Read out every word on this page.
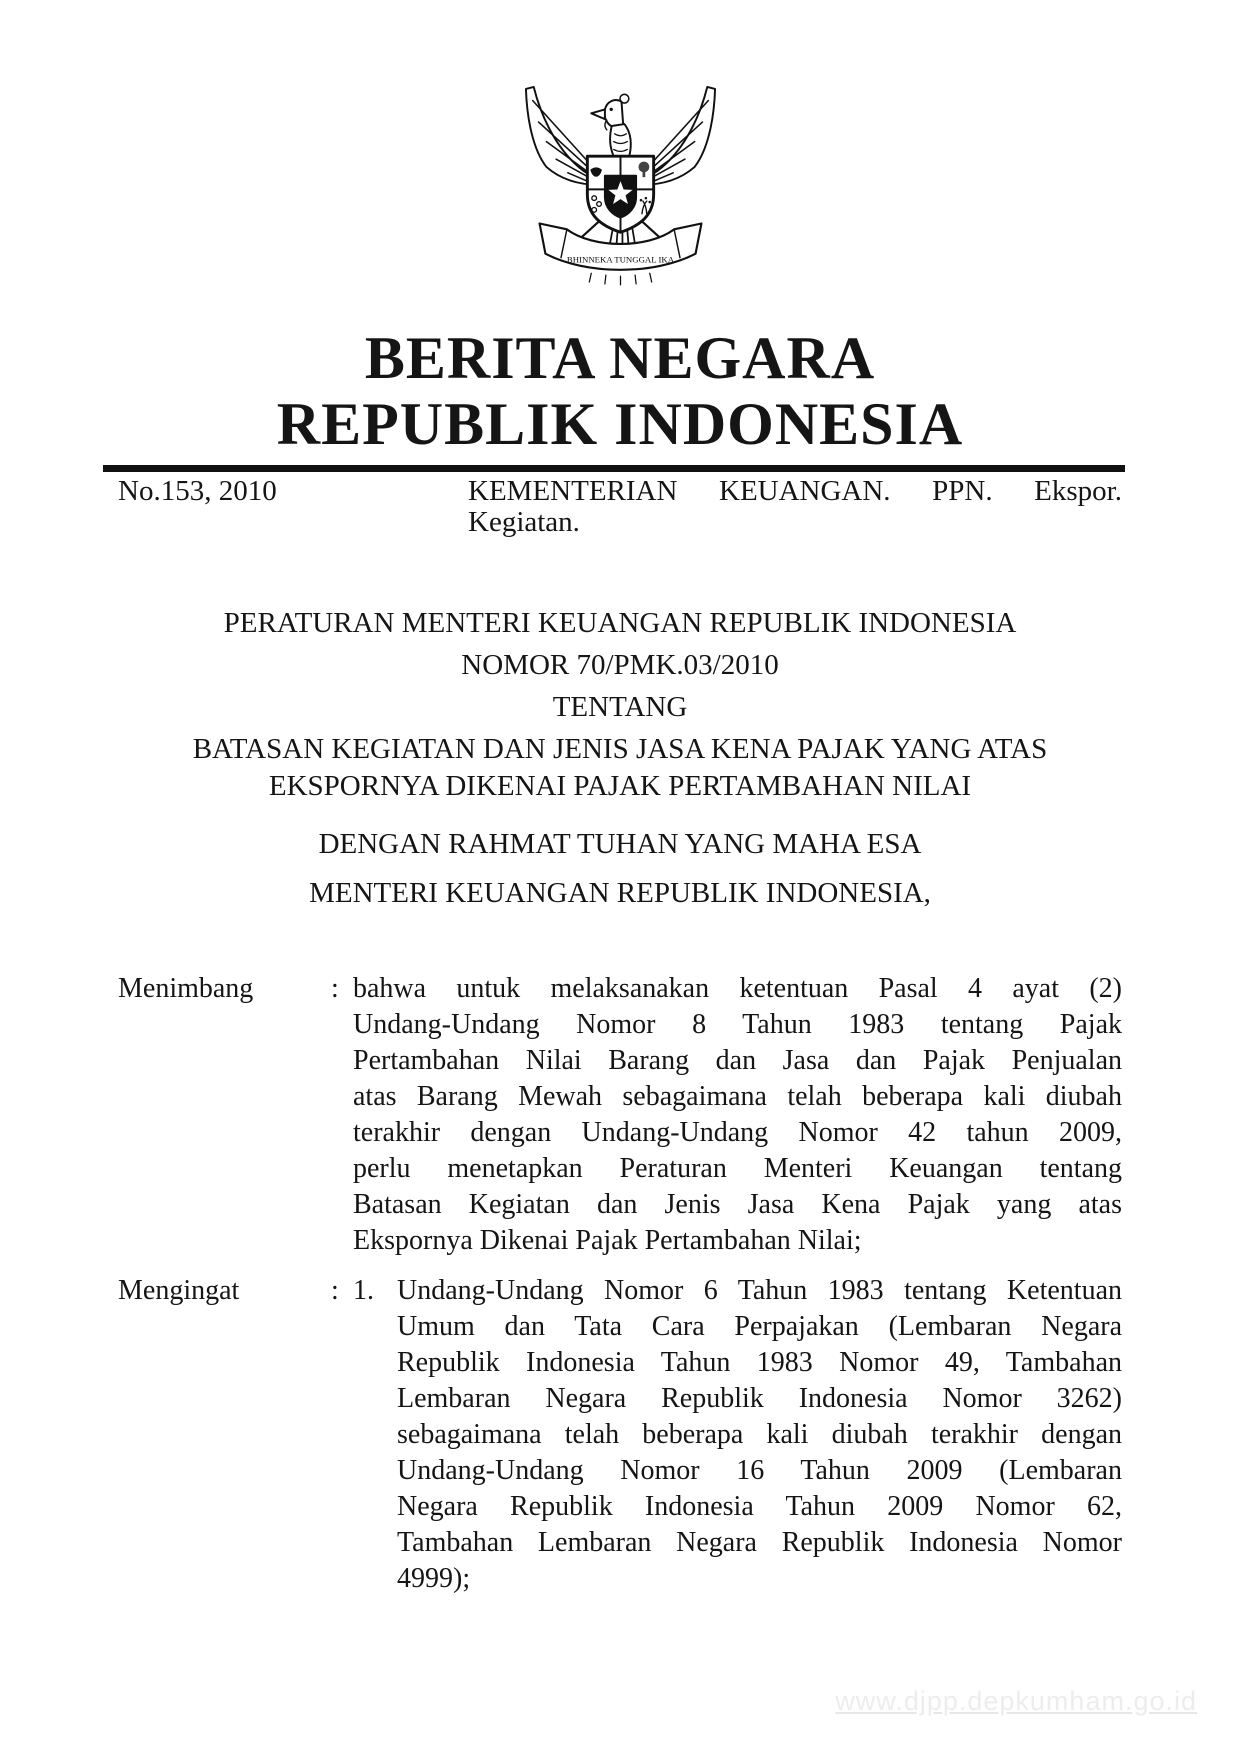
BHINNEKA TUNGGAL IKA
BERITA NEGARA
REPUBLIK INDONESIA
No.153, 2010	KEMENTERIAN KEUANGAN. PPN. Ekspor.
Kegiatan.
PERATURAN MENTERI KEUANGAN REPUBLIK INDONESIA
NOMOR 70/PMK.03/2010
TENTANG
BATASAN KEGIATAN DAN JENIS JASA KENA PAJAK YANG ATAS
EKSPORNYA DIKENAI PAJAK PERTAMBAHAN NILAI
DENGAN RAHMAT TUHAN YANG MAHA ESA
MENTERI KEUANGAN REPUBLIK INDONESIA,
Menimbang	: bahwa untuk melaksanakan ketentuan Pasal 4 ayat (2)
Undang-Undang Nomor 8 Tahun 1983 tentang Pajak
Pertambahan Nilai Barang dan Jasa dan Pajak Penjualan
atas Barang Mewah sebagaimana telah beberapa kali diubah
terakhir dengan Undang-Undang Nomor 42 tahun 2009,
perlu menetapkan Peraturan Menteri Keuangan tentang
Batasan Kegiatan dan Jenis Jasa Kena Pajak yang atas
Ekspornya Dikenai Pajak Pertambahan Nilai;
Mengingat	: 1. Undang-Undang Nomor 6 Tahun 1983 tentang Ketentuan
Umum dan Tata Cara Perpajakan (Lembaran Negara
Republik Indonesia Tahun 1983 Nomor 49, Tambahan
Lembaran Negara Republik Indonesia Nomor 3262)
sebagaimana telah beberapa kali diubah terakhir dengan
Undang-Undang Nomor 16 Tahun 2009 (Lembaran
Negara Republik Indonesia Tahun 2009 Nomor 62,
Tambahan Lembaran Negara Republik Indonesia Nomor
4999);
www.djpp.depkumham.go.id
